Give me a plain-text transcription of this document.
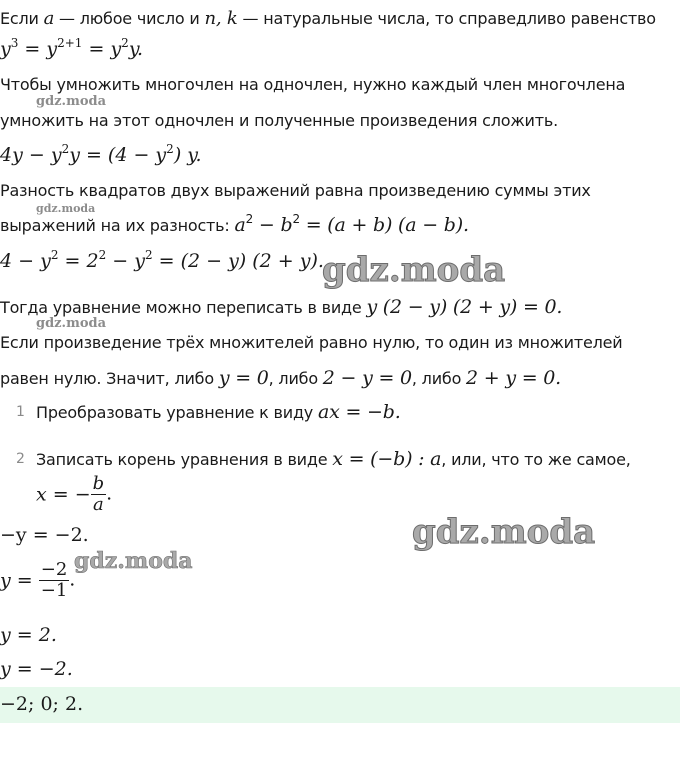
Если a — любое число и n, k — натуральные числа, то справедливо равенство
$y^3 = y^{2+1} = y^2y$.
Чтобы умножить многочлен на одночлен, нужно каждый член многочлена
gdz.moda
умножить на этот одночлен и полученные произведения сложить.
$4y - y^2y = (4 - y^2)$ y.
Разность квадратов двух выражений равна произведению суммы этих
gdz.moda
выражений на их разность: $a^2 - b^2 = (a + b) (a - b)$.
$4 - y^2 = 2^2 - y^2 = (2 - y) (2 + y)$.
gdz.moda
Тогда уравнение можно переписать в виде y (2 − y) (2 + y) = 0.
gdz.moda
Если произведение трёх множителей равно нулю, то один из множителей
равен нулю. Значит, либо y = 0, либо 2 − y = 0, либо 2 + y = 0.
1 Преобразовать уравнение к виду ax = −b.
2 Записать корень уравнения в виде x = (−b) : a, или, что то же самое,
x = − $\frac{b}{a}$ .
−y = −2.	gdz.moda
$y = \frac{-2}{-1}$ .
gdz.moda
y = 2.
y = −2.
−2; 0; 2.
